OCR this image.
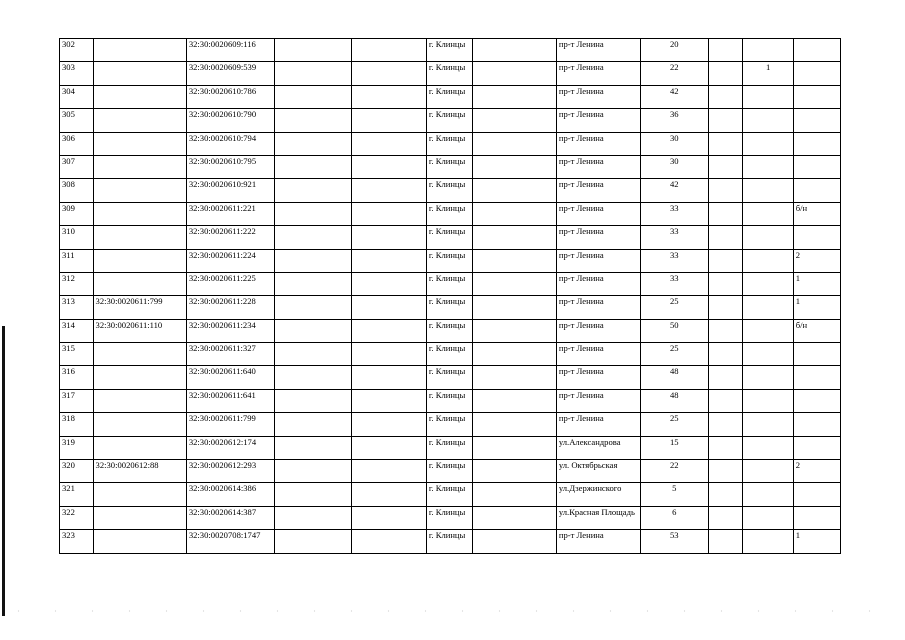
302		32:30:0020609:116			г. Клинцы		пр-т Ленина	20			
303		32:30:0020609:539			г. Клинцы		пр-т Ленина	22		1	
304		32:30:0020610:786			г. Клинцы		пр-т Ленина	42			
305		32:30:0020610:790			г. Клинцы		пр-т Ленина	36			
306		32:30:0020610:794			г. Клинцы		пр-т Ленина	30			
307		32:30:0020610:795			г. Клинцы		пр-т Ленина	30			
308		32:30:0020610:921			г. Клинцы		пр-т Ленина	42			
309		32:30:0020611:221			г. Клинцы		пр-т Ленина	33			б/н
310		32:30:0020611:222			г. Клинцы		пр-т Ленина	33			
311		32:30:0020611:224			г. Клинцы		пр-т Ленина	33			2
312		32:30:0020611:225			г. Клинцы		пр-т Ленина	33			1
313	32:30:0020611:799	32:30:0020611:228			г. Клинцы		пр-т Ленина	25			1
314	32:30:0020611:110	32:30:0020611:234			г. Клинцы		пр-т Ленина	50			б/н
315		32:30:0020611:327			г. Клинцы		пр-т Ленина	25			
316		32:30:0020611:640			г. Клинцы		пр-т Ленина	48			
317		32:30:0020611:641			г. Клинцы		пр-т Ленина	48			
318		32:30:0020611:799			г. Клинцы		пр-т Ленина	25			
319		32:30:0020612:174			г. Клинцы		ул.Александрова	15			
320	32:30:0020612:88	32:30:0020612:293			г. Клинцы		ул. Октябрьская	22			2
321		32:30:0020614:386			г. Клинцы		ул.Дзержинского	5			
322		32:30:0020614:387			г. Клинцы		ул.Красная Площадь	6			
323		32:30:0020708:1747			г. Клинцы		пр-т Ленина	53			1
